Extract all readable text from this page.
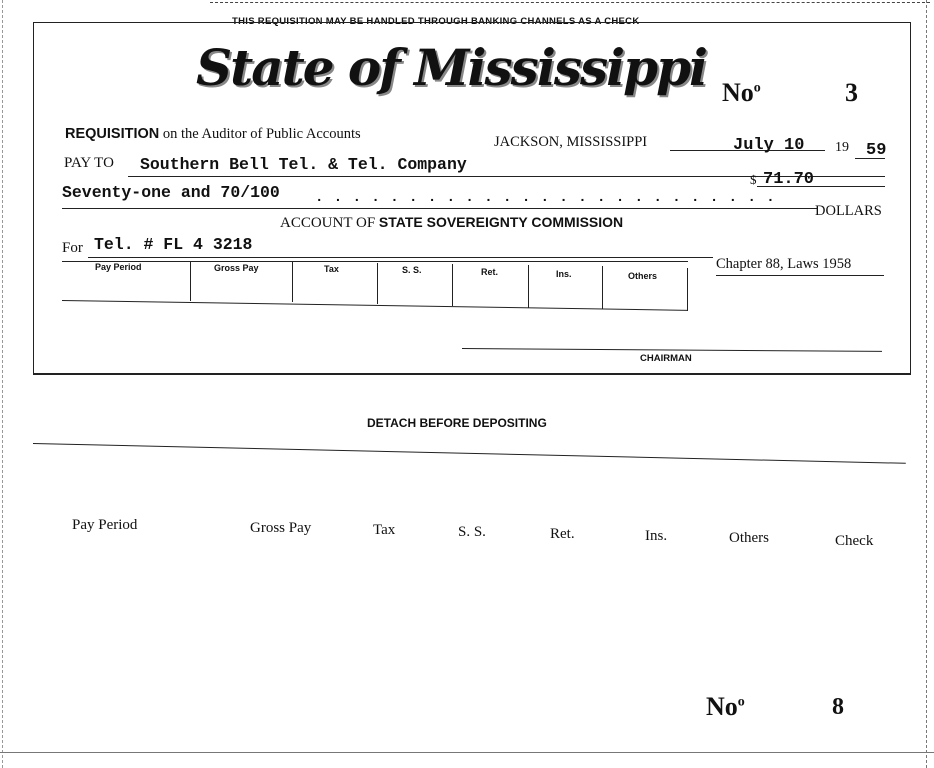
THIS REQUISITION MAY BE HANDLED THROUGH BANKING CHANNELS AS A CHECK
State of Mississippi No$^o$	3
REQUISITION on the Auditor of Public Accounts	JACKSON, MISSISSIPPI	July 10 19 59
PAY TO Southern Bell Tel. & Tel. Company
$ 71.70
Seventy-one and 70/100	. . . . . . . . . . . . . . . . . . . . . . . . .
DOLLARS
ACCOUNT OF STATE SOVEREIGNTY COMMISSION
For Tel. # FL 4 3218
Chapter 88, Laws 1958
Pay Period	Gross Pay	Tax	S. S.	Ret.	Ins.	Others
CHAIRMAN
DETACH BEFORE DEPOSITING
Pay Period	Gross Pay	Tax	S. S.	Ret.	Ins.	Others	Check
No$^o$	8
